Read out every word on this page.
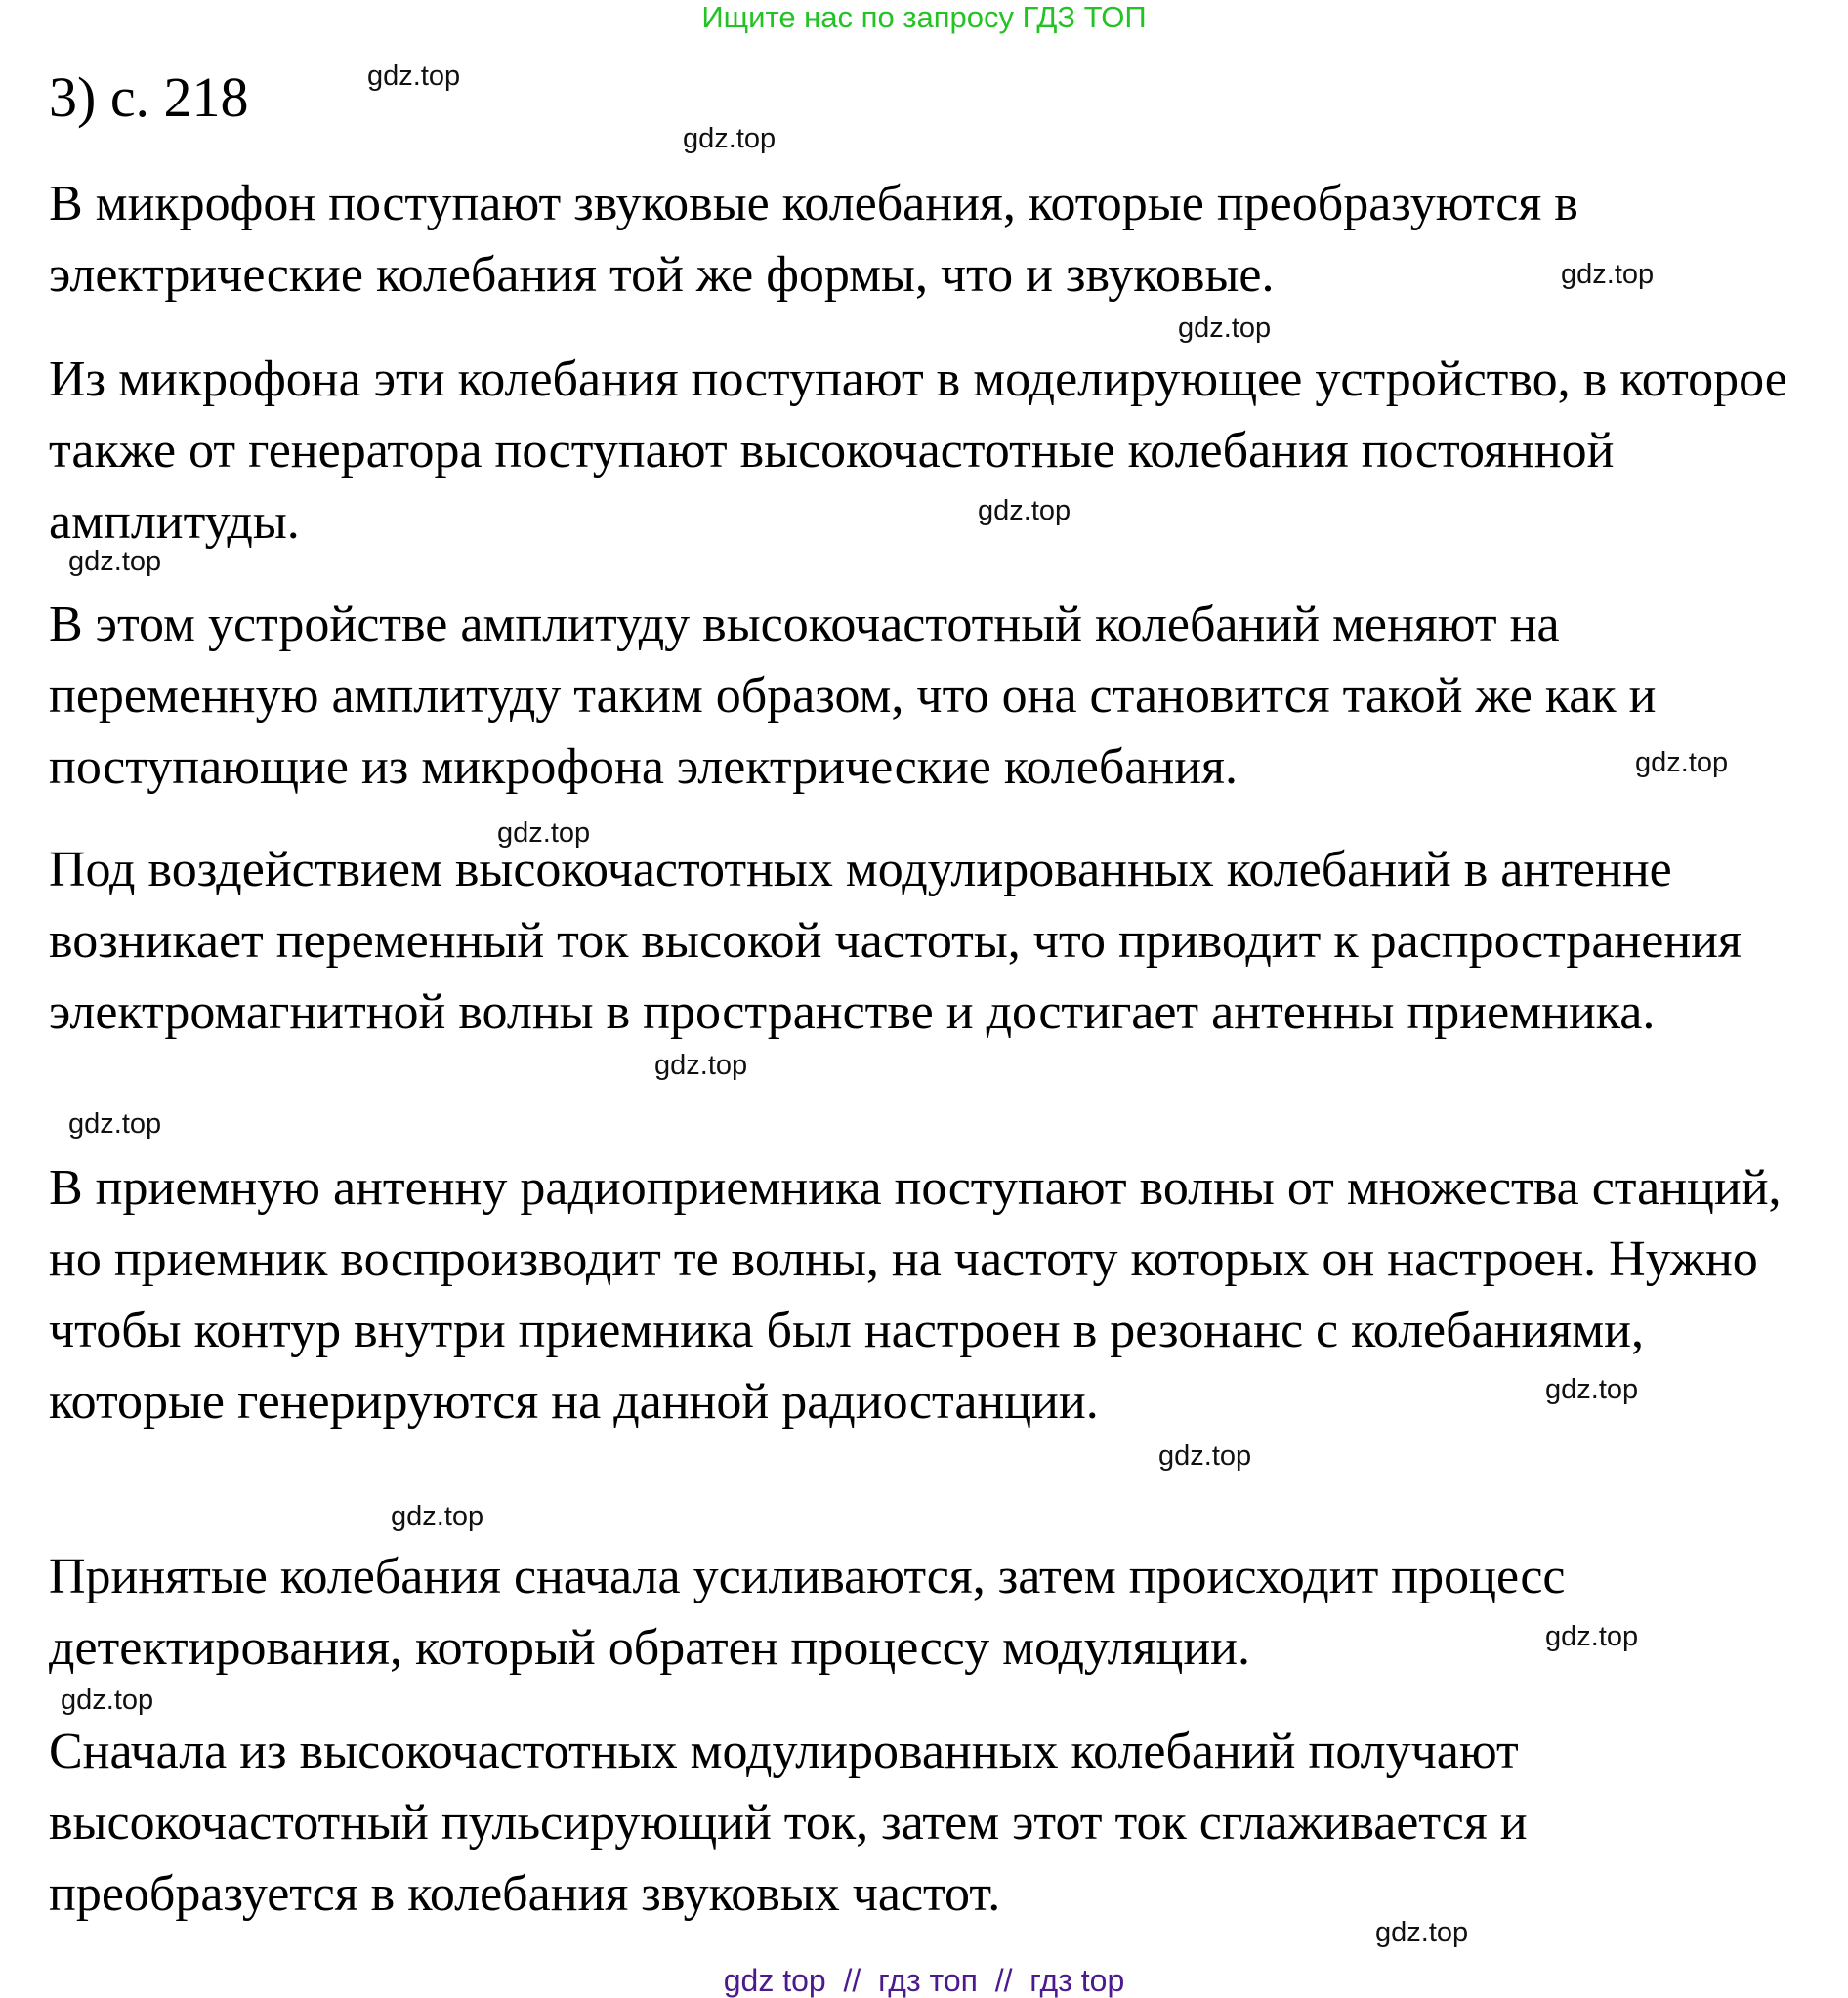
Ищите нас по запросу ГДЗ ТОП
3) с. 218

В микрофон поступают звуковые колебания, которые преобразуются в электрические колебания той же формы, что и звуковые.

Из микрофона эти колебания поступают в моделирующее устройство, в которое также от генератора поступают высокочастотные колебания постоянной амплитуды.

В этом устройстве амплитуду высокочастотный колебаний меняют на переменную амплитуду таким образом, что она становится такой же как и поступающие из микрофона электрические колебания.

Под воздействием высокочастотных модулированных колебаний в антенне возникает переменный ток высокой частоты, что приводит к распространения электромагнитной волны в пространстве и достигает антенны приемника.

В приемную антенну радиоприемника поступают волны от множества станций, но приемник воспроизводит те волны, на частоту которых он настроен. Нужно чтобы контур внутри приемника был настроен в резонанс с колебаниями, которые генерируются на данной радиостанции.

Принятые колебания сначала усиливаются, затем происходит процесс детектирования, который обратен процессу модуляции.

Сначала из высокочастотных модулированных колебаний получают высокочастотный пульсирующий ток, затем этот ток сглаживается и преобразуется в колебания звуковых частот.

gdz.top
gdz.top
gdz.top
gdz.top
gdz.top
gdz.top
gdz.top
gdz.top
gdz.top
gdz.top
gdz.top
gdz.top
gdz.top
gdz.top
gdz.top
gdz.top
gdz top  //  гдз топ  //  гдз top
